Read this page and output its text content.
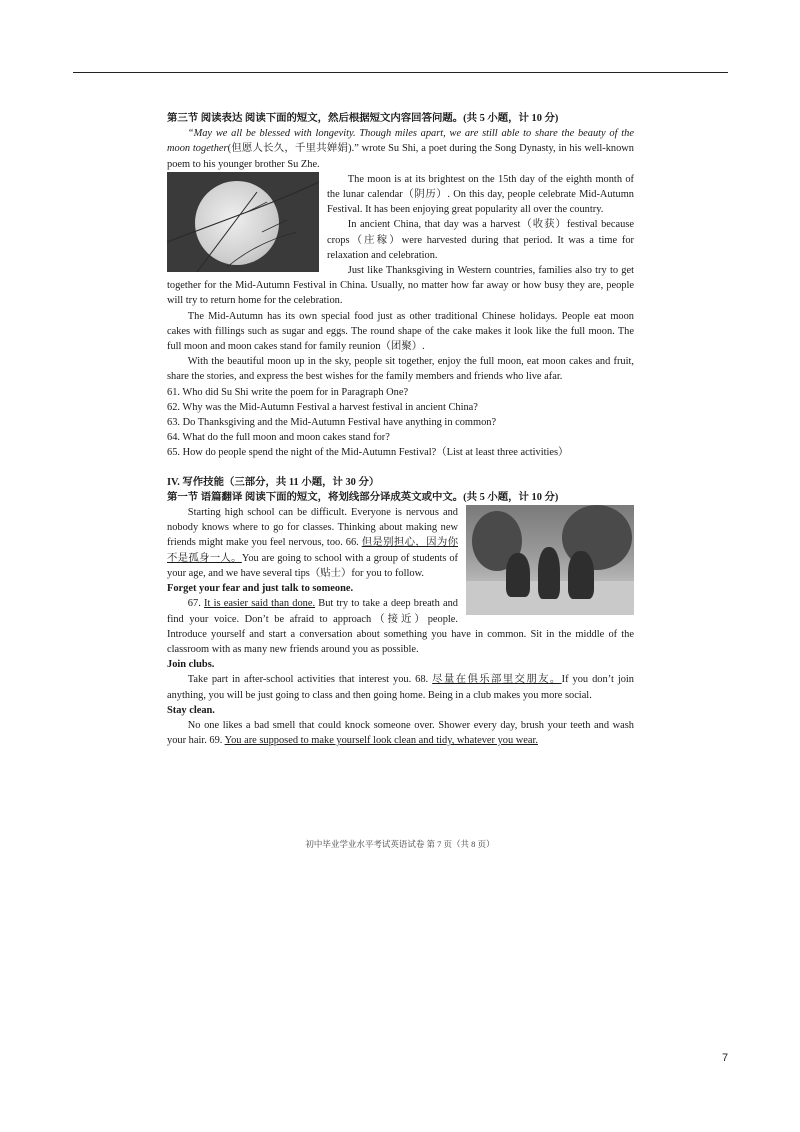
第三节 阅读表达 阅读下面的短文，然后根据短文内容回答问题。(共 5 小题，计 10 分)

“May we all be blessed with longevity. Though miles apart, we are still able to share the beauty of the moon together(但愿人长久，千里共婵娟).” wrote Su Shi, a poet during the Song Dynasty, in his well-known poem to his younger brother Su Zhe.

The moon is at its brightest on the 15th day of the eighth month of the lunar calendar（阴历）. On this day, people celebrate Mid-Autumn Festival. It has been enjoying great popularity all over the country.

In ancient China, that day was a harvest（收获）festival because crops（庄稼）were harvested during that period. It was a time for relaxation and celebration.

Just like Thanksgiving in Western countries, families also try to get together for the Mid-Autumn Festival in China. Usually, no matter how far away or how busy they are, people will try to return home for the celebration.

The Mid-Autumn has its own special food just as other traditional Chinese holidays. People eat moon cakes with fillings such as sugar and eggs. The round shape of the cake makes it look like the full moon. The full moon and moon cakes stand for family reunion（团聚）.

With the beautiful moon up in the sky, people sit together, enjoy the full moon, eat moon cakes and fruit, share the stories, and express the best wishes for the family members and friends who live afar.

61. Who did Su Shi write the poem for in Paragraph One?
62. Why was the Mid-Autumn Festival a harvest festival in ancient China?
63. Do Thanksgiving and the Mid-Autumn Festival have anything in common?
64. What do the full moon and moon cakes stand for?
65. How do people spend the night of the Mid-Autumn Festival?（List at least three activities）

IV. 写作技能（三部分，共 11 小题，计 30 分）

第一节 语篇翻译 阅读下面的短文，将划线部分译成英文或中文。(共 5 小题，计 10 分)

Starting high school can be difficult. Everyone is nervous and nobody knows where to go for classes. Thinking about making new friends might make you feel nervous, too. 66. 但是别担心，因为你不是孤身一人。You are going to school with a group of students of your age, and we have several tips（贴士）for you to follow.

Forget your fear and just talk to someone.

67. It is easier said than done. But try to take a deep breath and find your voice. Don’t be afraid to approach（接近）people. Introduce yourself and start a conversation about something you have in common. Sit in the middle of the classroom with as many new friends around you as possible.

Join clubs.

Take part in after-school activities that interest you. 68. 尽量在俱乐部里交朋友。If you don’t join anything, you will be just going to class and then going home. Being in a club makes you more social.

Stay clean.

No one likes a bad smell that could knock someone over. Shower every day, brush your teeth and wash your hair. 69. You are supposed to make yourself look clean and tidy, whatever you wear.

初中毕业学业水平考试英语试卷 第 7 页（共 8 页）
7
